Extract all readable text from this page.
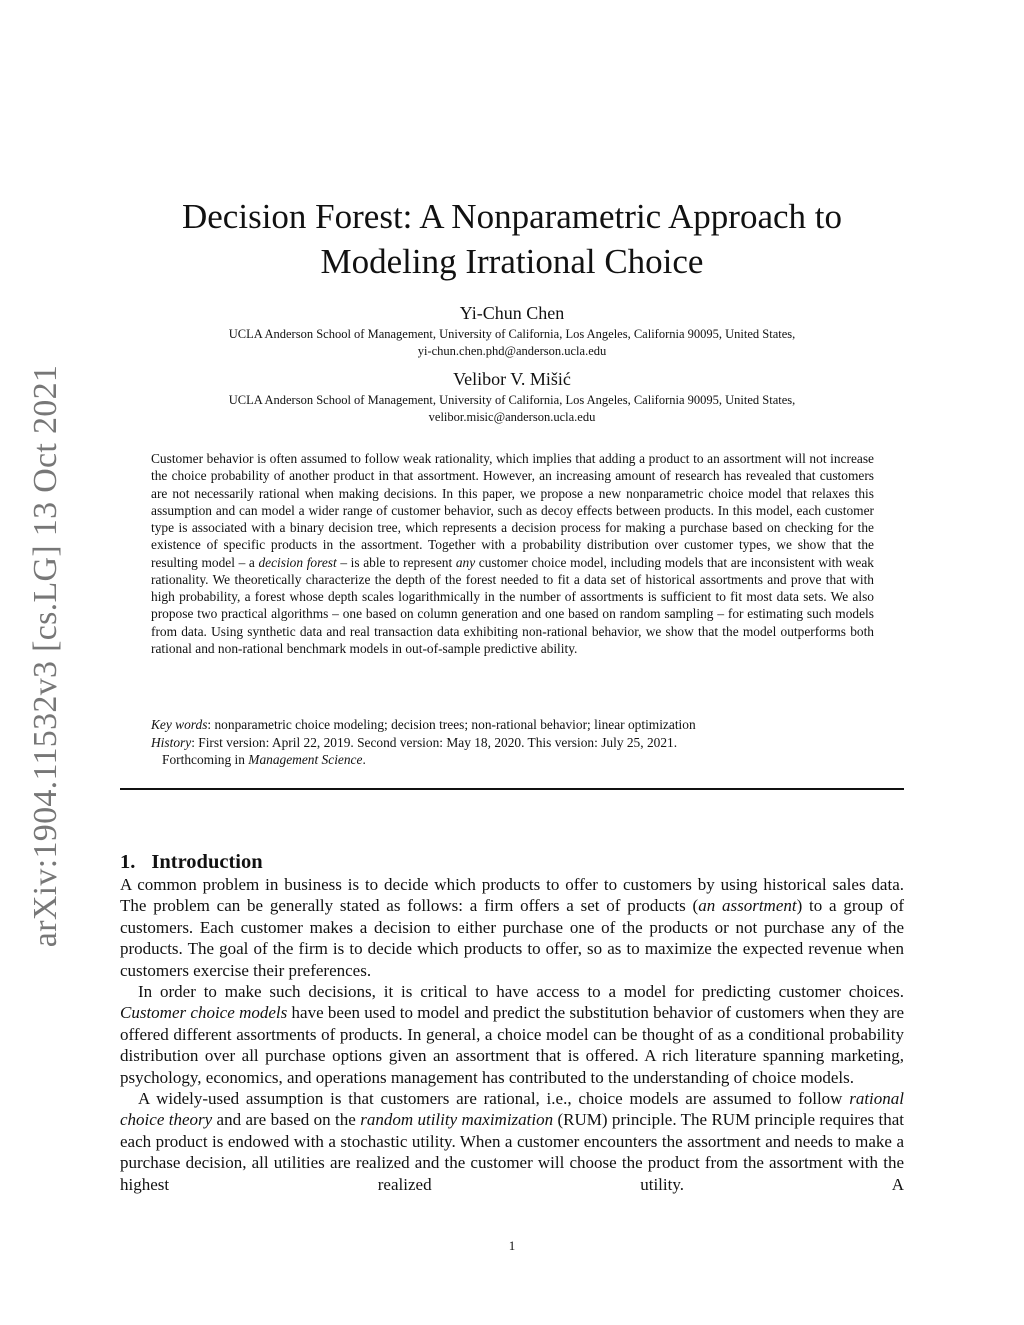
arXiv:1904.11532v3 [cs.LG] 13 Oct 2021
Decision Forest: A Nonparametric Approach to
Modeling Irrational Choice
Yi-Chun Chen
UCLA Anderson School of Management, University of California, Los Angeles, California 90095, United States,
yi-chun.chen.phd@anderson.ucla.edu
Velibor V. Mišić
UCLA Anderson School of Management, University of California, Los Angeles, California 90095, United States,
velibor.misic@anderson.ucla.edu

Customer behavior is often assumed to follow weak rationality, which implies that adding a product to an assortment will not increase the choice probability of another product in that assortment. However, an increasing amount of research has revealed that customers are not necessarily rational when making decisions. In this paper, we propose a new nonparametric choice model that relaxes this assumption and can model a wider range of customer behavior, such as decoy effects between products. In this model, each customer type is associated with a binary decision tree, which represents a decision process for making a purchase based on checking for the existence of specific products in the assortment. Together with a probability distribution over customer types, we show that the resulting model – a decision forest – is able to represent any customer choice model, including models that are inconsistent with weak rationality. We theoretically characterize the depth of the forest needed to fit a data set of historical assortments and prove that with high probability, a forest whose depth scales logarithmically in the number of assortments is sufficient to fit most data sets. We also propose two practical algorithms – one based on column generation and one based on random sampling – for estimating such models from data. Using synthetic data and real transaction data exhibiting non-rational behavior, we show that the model outperforms both rational and non-rational benchmark models in out-of-sample predictive ability.

Key words: nonparametric choice modeling; decision trees; non-rational behavior; linear optimization
History: First version: April 22, 2019. Second version: May 18, 2020. This version: July 25, 2021.
Forthcoming in Management Science.
1. Introduction

A common problem in business is to decide which products to offer to customers by using historical sales data. The problem can be generally stated as follows: a firm offers a set of products (an assortment) to a group of customers. Each customer makes a decision to either purchase one of the products or not purchase any of the products. The goal of the firm is to decide which products to offer, so as to maximize the expected revenue when customers exercise their preferences.

In order to make such decisions, it is critical to have access to a model for predicting customer choices. Customer choice models have been used to model and predict the substitution behavior of customers when they are offered different assortments of products. In general, a choice model can be thought of as a conditional probability distribution over all purchase options given an assortment that is offered. A rich literature spanning marketing, psychology, economics, and operations management has contributed to the understanding of choice models.

A widely-used assumption is that customers are rational, i.e., choice models are assumed to follow rational choice theory and are based on the random utility maximization (RUM) principle. The RUM principle requires that each product is endowed with a stochastic utility. When a customer encounters the assortment and needs to make a purchase decision, all utilities are realized and the customer will choose the product from the assortment with the highest realized utility. A

1
